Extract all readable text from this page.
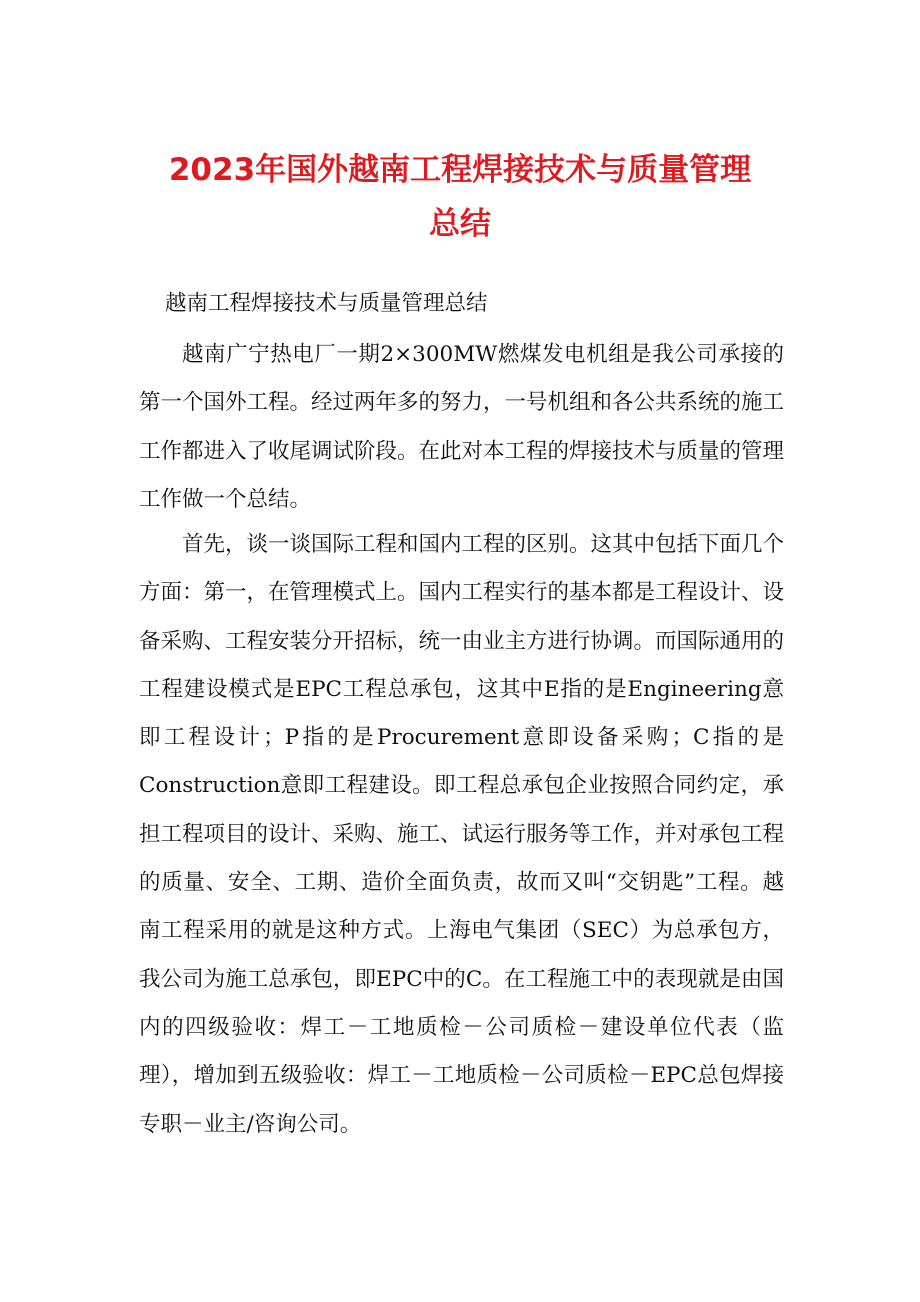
2023年国外越南工程焊接技术与质量管理
总结

越南工程焊接技术与质量管理总结

越南广宁热电厂一期2×300MW燃煤发电机组是我公司承接的第一个国外工程。经过两年多的努力，一号机组和各公共系统的施工工作都进入了收尾调试阶段。在此对本工程的焊接技术与质量的管理工作做一个总结。

首先，谈一谈国际工程和国内工程的区别。这其中包括下面几个方面：第一，在管理模式上。国内工程实行的基本都是工程设计、设备采购、工程安装分开招标，统一由业主方进行协调。而国际通用的工程建设模式是EPC工程总承包，这其中E指的是Engineering意即工程设计；P指的是Procurement意即设备采购；C指的是Construction意即工程建设。即工程总承包企业按照合同约定，承担工程项目的设计、采购、施工、试运行服务等工作，并对承包工程的质量、安全、工期、造价全面负责，故而又叫“交钥匙”工程。越南工程采用的就是这种方式。上海电气集团（SEC）为总承包方，我公司为施工总承包，即EPC中的C。在工程施工中的表现就是由国内的四级验收：焊工－工地质检－公司质检－建设单位代表（监理），增加到五级验收：焊工－工地质检－公司质检－EPC总包焊接专职－业主/咨询公司。
